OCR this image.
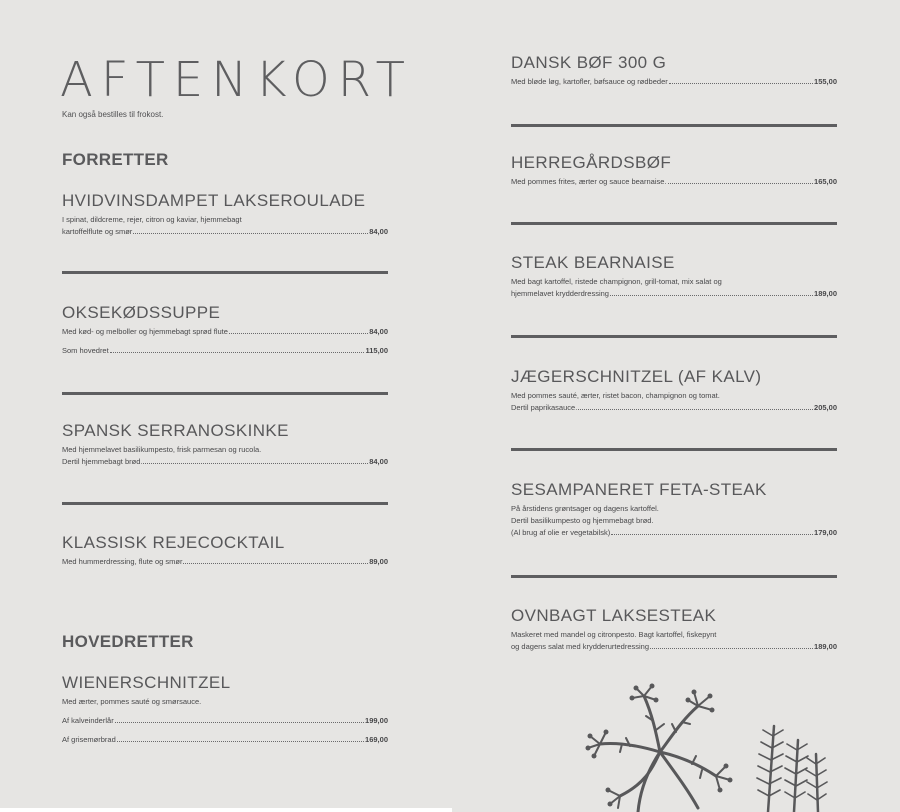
AFTENKORT
Kan også bestilles til frokost.
FORRETTER
HVIDVINSDAMPET LAKSEROULADE
I spinat, dildcreme, rejer, citron og kaviar, hjemmebagt
kartoffelflute og smør	84,00
OKSEKØDSSUPPE
Med kød- og melboller og hjemmebagt sprød flute	84,00
Som hovedret	115,00
SPANSK SERRANOSKINKE
Med hjemmelavet basilikumpesto, frisk parmesan og rucola.
Dertil hjemmebagt brød.	84,00
KLASSISK REJECOCKTAIL
Med hummerdressing, flute og smør	89,00
HOVEDRETTER
WIENERSCHNITZEL
Med ærter, pommes sauté og smørsauce.
Af kalveinderlår	199,00
Af grisemørbrad	169,00
DANSK BØF 300 G
Med bløde løg, kartofler, bøfsauce og rødbeder	155,00
HERREGÅRDSBØF
Med pommes frites, ærter og sauce bearnaise.	165,00
STEAK BEARNAISE
Med bagt kartoffel, ristede champignon, grill-tomat, mix salat og
hjemmelavet krydderdressing	189,00
JÆGERSCHNITZEL (AF KALV)
Med pommes sauté, ærter, ristet bacon, champignon og tomat.
Dertil paprikasauce.	205,00
SESAMPANERET FETA-STEAK
På årstidens grøntsager og dagens kartoffel.
Dertil basilikumpesto og hjemmebagt brød.
(Al brug af olie er vegetabilsk)	179,00
OVNBAGT LAKSESTEAK
Maskeret med mandel og citronpesto. Bagt kartoffel, fiskepynt
og dagens salat med krydderurtedressing	189,00
